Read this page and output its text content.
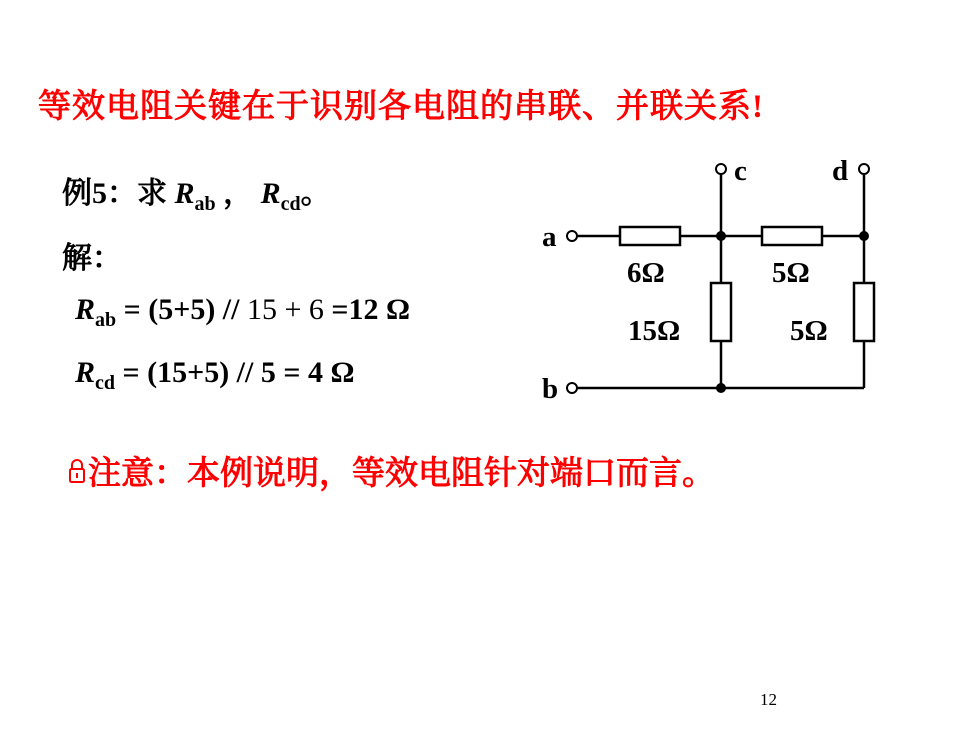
等效电阻关键在于识别各电阻的串联、并联关系!
例5：求 $R_{ab}$ ， $R_{cd}$。
解：
$R_{ab} = (5+5) // 15 + 6 =12$ Ω
$R_{cd} = (15+5) // 5 = 4$ Ω
a
b
c	d
6Ω	5Ω
15Ω	5Ω
注意：本例说明，等效电阻针对端口而言。
12
